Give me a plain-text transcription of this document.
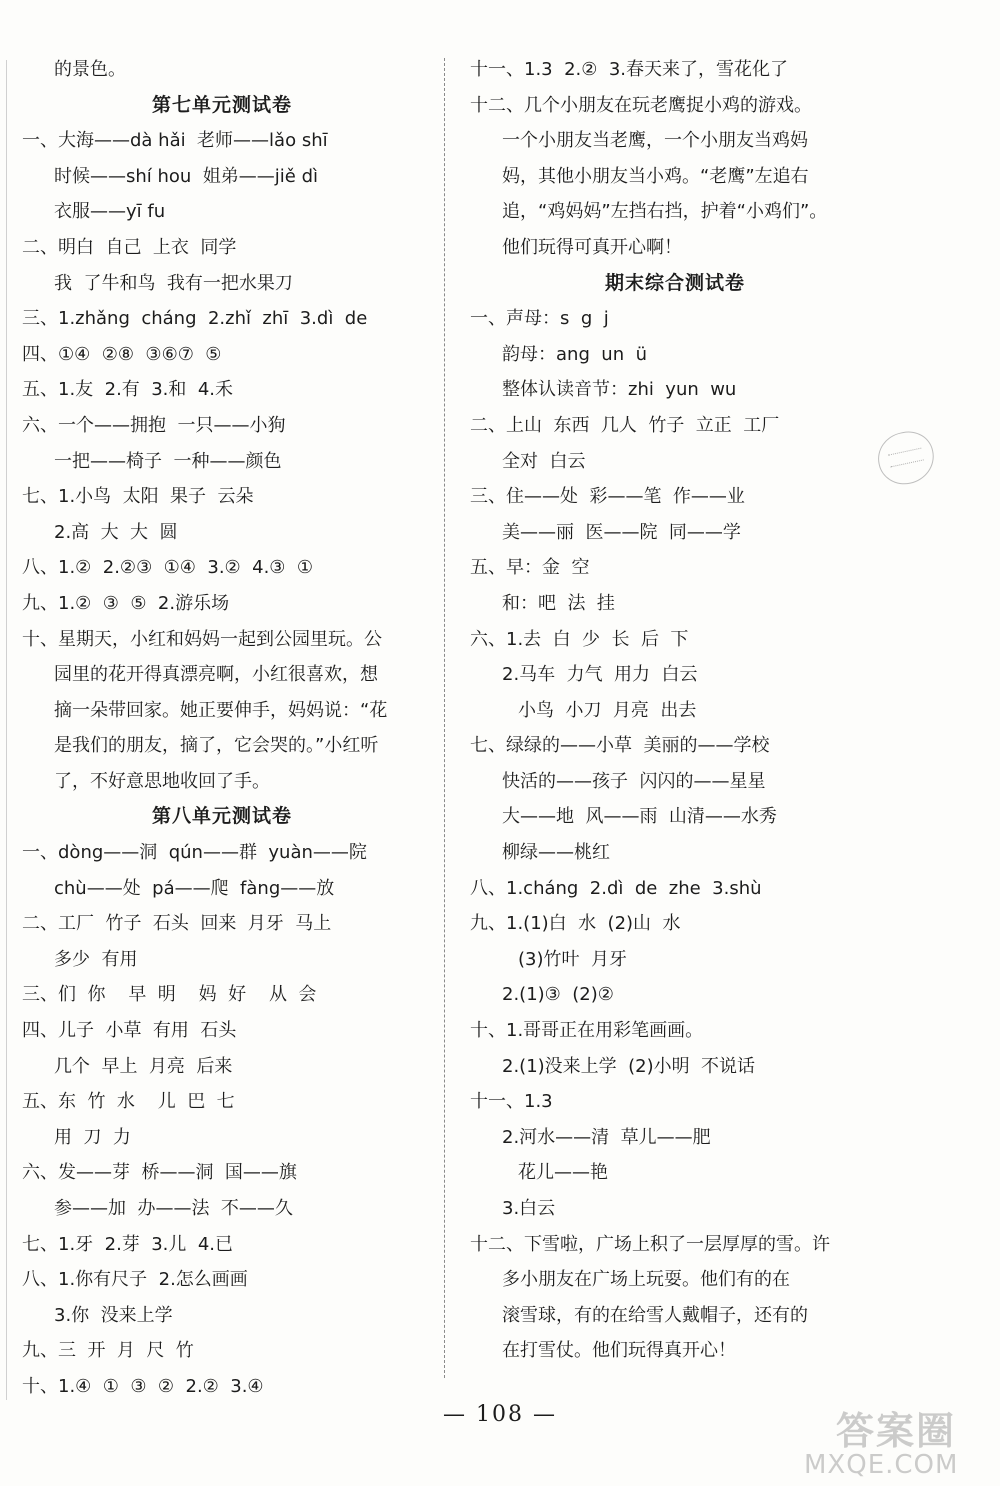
的景色。
第七单元测试卷
一、大海——dà hǎi  老师——lǎo shī
时候——shí hou  姐弟——jiě dì
衣服——yī fu
二、明白  自己  上衣  同学
我  了牛和鸟  我有一把水果刀
三、1.zhǎng  cháng  2.zhǐ  zhī  3.dì  de
四、①④  ②⑧  ③⑥⑦  ⑤
五、1.友  2.有  3.和  4.禾
六、一个——拥抱  一只——小狗
一把——椅子  一种——颜色
七、1.小鸟  太阳  果子  云朵
2.高  大  大  圆
八、1.②  2.②③  ①④  3.②  4.③  ①
九、1.②  ③  ⑤  2.游乐场
十、星期天，小红和妈妈一起到公园里玩。公
园里的花开得真漂亮啊，小红很喜欢，想
摘一朵带回家。她正要伸手，妈妈说：“花
是我们的朋友，摘了，它会哭的。”小红听
了，不好意思地收回了手。
第八单元测试卷
一、dòng——洞  qún——群  yuàn——院
chù——处  pá——爬  fàng——放
二、工厂  竹子  石头  回来  月牙  马上
多少  有用
三、们  你    早  明    妈  好    从  会
四、儿子  小草  有用  石头
几个  早上  月亮  后来
五、东  竹  水    儿  巴  七
用  刀  力
六、发——芽  桥——洞  国——旗
参——加  办——法  不——久
七、1.牙  2.芽  3.儿  4.已
八、1.你有尺子  2.怎么画画
3.你  没来上学
九、三  开  月  尺  竹
十、1.④  ①  ③  ②  2.②  3.④
十一、1.3  2.②  3.春天来了，雪花化了
十二、几个小朋友在玩老鹰捉小鸡的游戏。
一个小朋友当老鹰，一个小朋友当鸡妈
妈，其他小朋友当小鸡。“老鹰”左追右
追，“鸡妈妈”左挡右挡，护着“小鸡们”。
他们玩得可真开心啊！
期末综合测试卷
一、声母：s  g  j
韵母：ang  un  ü
整体认读音节：zhi  yun  wu
二、上山  东西  几人  竹子  立正  工厂
全对  白云
三、住——处  彩——笔  作——业
美——丽  医——院  同——学
五、早：金  空
和：吧  法  挂
六、1.去  白  少  长  后  下
2.马车  力气  用力  白云
小鸟  小刀  月亮  出去
七、绿绿的——小草  美丽的——学校
快活的——孩子  闪闪的——星星
大——地  风——雨  山清——水秀
柳绿——桃红
八、1.cháng  2.dì  de  zhe  3.shù
九、1.(1)白  水  (2)山  水
(3)竹叶  月牙
2.(1)③  (2)②
十、1.哥哥正在用彩笔画画。
2.(1)没来上学  (2)小明  不说话
十一、1.3
2.河水——清  草儿——肥
花儿——艳
3.白云
十二、下雪啦，广场上积了一层厚厚的雪。许
多小朋友在广场上玩耍。他们有的在
滚雪球，有的在给雪人戴帽子，还有的
在打雪仗。他们玩得真开心！
— 108 —	答案圈
MXQE.COM
